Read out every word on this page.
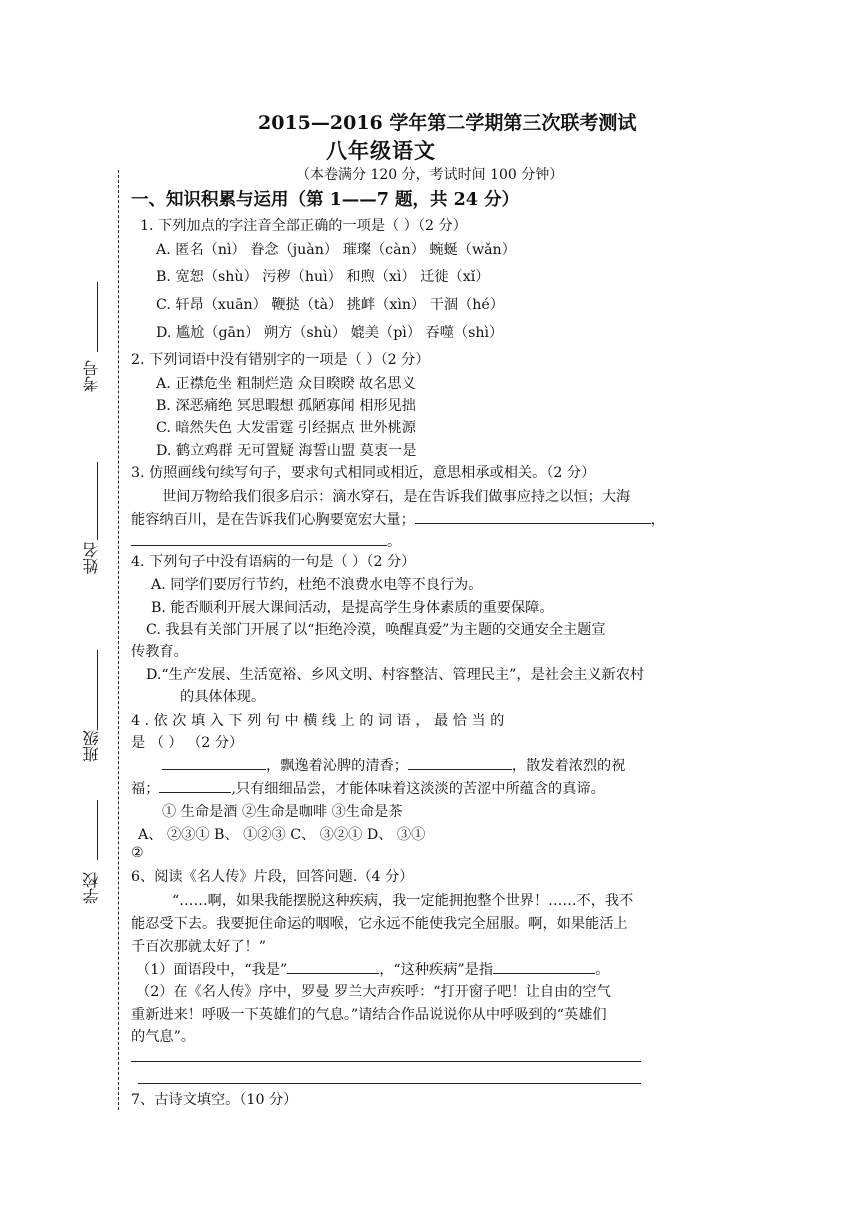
2015—2016 学年第二学期第三次联考测试
八年级语文
（本卷满分 120 分，考试时间 100 分钟）
考号
姓名
班级
学校
一、知识积累与运用（第 1——7 题，共 24 分）
1. 下列加点的字注音全部正确的一项是（ ）（2 分）
A. 匿名（nì） 眷念（juàn） 璀璨（càn） 蜿蜒（wǎn）
B. 宽恕（shù） 污秽（huì） 和煦（xì） 迁徙（xǐ）
C. 轩昂（xuān） 鞭挞（tà） 挑衅（xìn） 干涸（hé）
D. 尴尬（gān） 朔方（shù） 媲美（pì） 吞噬（shì）
2. 下列词语中没有错别字的一项是（ ）（2 分）
A. 正襟危坐 粗制烂造 众目睽睽 故名思义
B. 深恶痛绝 冥思暇想 孤陋寡闻 相形见拙
C. 暗然失色 大发雷霆 引经据点 世外桃源
D. 鹤立鸡群 无可置疑 海誓山盟 莫衷一是
3. 仿照画线句续写句子，要求句式相同或相近，意思相承或相关。（2 分）
世间万物给我们很多启示：滴水穿石，是在告诉我们做事应持之以恒；大海
能容纳百川，是在告诉我们心胸要宽宏大量；	，
。
4. 下列句子中没有语病的一句是（ ）（2 分）
A. 同学们要厉行节约，杜绝不浪费水电等不良行为。
B. 能否顺利开展大课间活动，是提高学生身体素质的重要保障。
C. 我县有关部门开展了以“拒绝冷漠，唤醒真爱”为主题的交通安全主题宣
传教育。
D.“生产发展、生活宽裕、乡风文明、村容整洁、管理民主”，是社会主义新农村
的具体体现。
4 . 依 次 填 入 下 列 句 中 横 线 上 的 词 语 ， 最 恰 当 的
是 （ ） （2 分）
，飘逸着沁脾的清香；	，散发着浓烈的祝
福；	,只有细细品尝，才能体味着这淡淡的苦涩中所蕴含的真谛。
① 生命是酒 ②生命是咖啡 ③生命是茶
A、 ②③① B、 ①②③ C、 ③②① D、 ③①
②
6、阅读《名人传》片段，回答问题.（4 分）
“……啊，如果我能摆脱这种疾病，我一定能拥抱整个世界！……不，我不
能忍受下去。我要扼住命运的咽喉，它永远不能使我完全屈服。啊，如果能活上
千百次那就太好了！”
（1）面语段中，“我是”	，“这种疾病”是指	。
（2）在《名人传》序中，罗曼 罗兰大声疾呼：“打开窗子吧！让自由的空气
重新进来！呼吸一下英雄们的气息。”请结合作品说说你从中呼吸到的“英雄们
的气息”。
7、古诗文填空。（10 分）
